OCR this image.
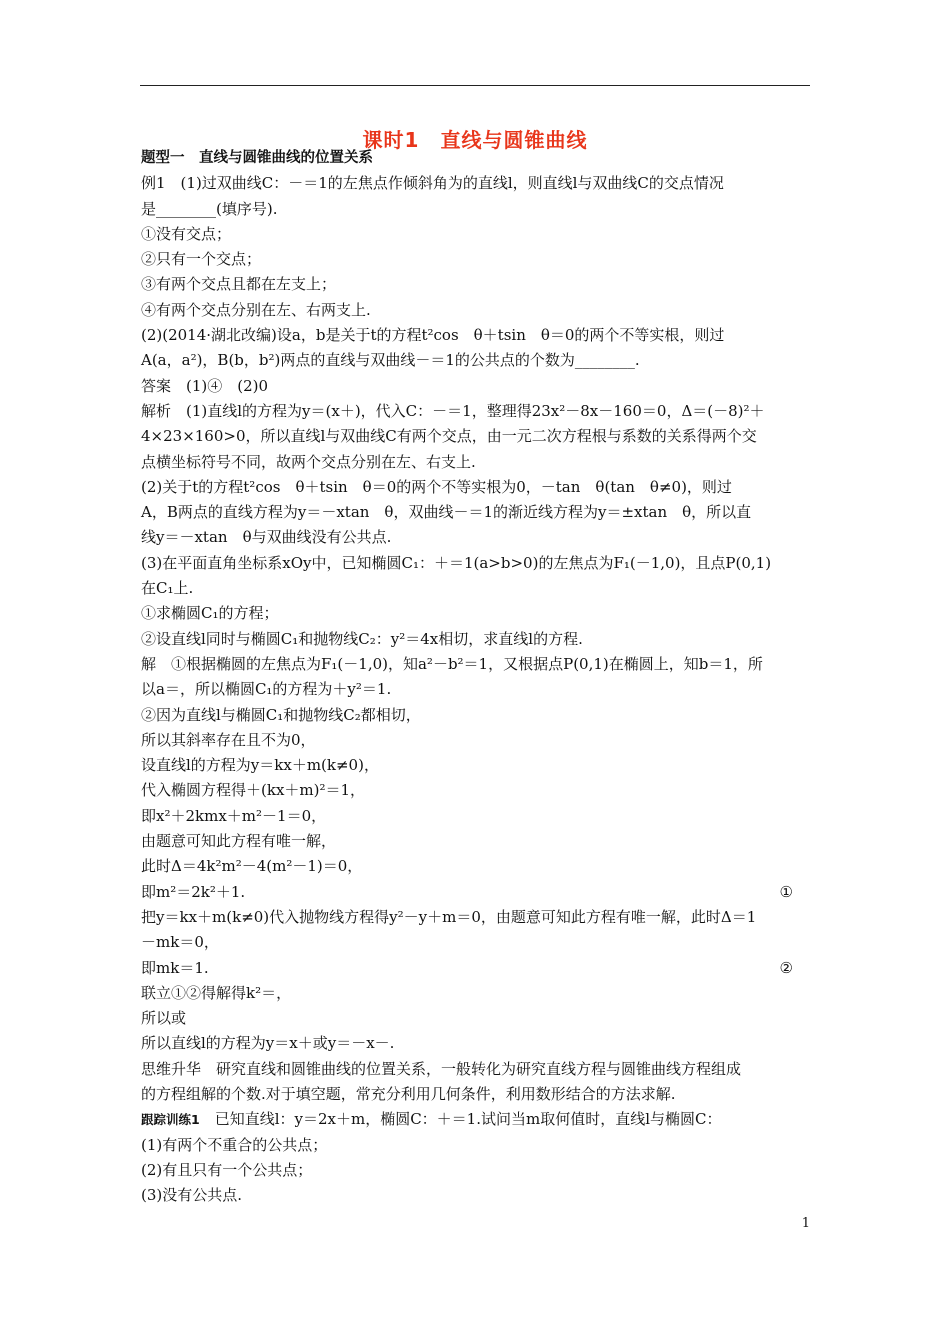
课时1　直线与圆锥曲线
题型一　直线与圆锥曲线的位置关系
例1　(1)过双曲线C：－＝1的左焦点作倾斜角为的直线l，则直线l与双曲线C的交点情况
是________(填序号).
①没有交点；
②只有一个交点；
③有两个交点且都在左支上；
④有两个交点分别在左、右两支上.
(2)(2014·湖北改编)设a，b是关于t的方程t²cos　θ＋tsin　θ＝0的两个不等实根，则过
A(a，a²)，B(b，b²)两点的直线与双曲线－＝1的公共点的个数为________.
答案　(1)④　(2)0
解析　(1)直线l的方程为y＝(x＋)，代入C：－＝1，整理得23x²－8x－160＝0，Δ＝(－8)²＋
4×23×160>0，所以直线l与双曲线C有两个交点，由一元二次方程根与系数的关系得两个交
点横坐标符号不同，故两个交点分别在左、右支上.
(2)关于t的方程t²cos　θ＋tsin　θ＝0的两个不等实根为0，－tan　θ(tan　θ≠0)，则过
A，B两点的直线方程为y＝－xtan　θ，双曲线－＝1的渐近线方程为y＝±xtan　θ，所以直
线y＝－xtan　θ与双曲线没有公共点.
(3)在平面直角坐标系xOy中，已知椭圆C₁：＋＝1(a>b>0)的左焦点为F₁(－1,0)，且点P(0,1)
在C₁上.
①求椭圆C₁的方程；
②设直线l同时与椭圆C₁和抛物线C₂：y²＝4x相切，求直线l的方程.
解　①根据椭圆的左焦点为F₁(－1,0)，知a²－b²＝1，又根据点P(0,1)在椭圆上，知b＝1，所
以a＝，所以椭圆C₁的方程为＋y²＝1.
②因为直线l与椭圆C₁和抛物线C₂都相切，
所以其斜率存在且不为0，
设直线l的方程为y＝kx＋m(k≠0)，
代入椭圆方程得＋(kx＋m)²＝1，
即x²＋2kmx＋m²－1＝0，
由题意可知此方程有唯一解，
此时Δ＝4k²m²－4(m²－1)＝0，
即m²＝2k²＋1.	①
把y＝kx＋m(k≠0)代入抛物线方程得y²－y＋m＝0，由题意可知此方程有唯一解，此时Δ＝1
－mk＝0，
即mk＝1.	②
联立①②得解得k²＝，
所以或
所以直线l的方程为y＝x＋或y＝－x－.
思维升华　研究直线和圆锥曲线的位置关系，一般转化为研究直线方程与圆锥曲线方程组成
的方程组解的个数.对于填空题，常充分利用几何条件，利用数形结合的方法求解.
跟踪训练1　已知直线l：y＝2x＋m，椭圆C：＋＝1.试问当m取何值时，直线l与椭圆C：
(1)有两个不重合的公共点；
(2)有且只有一个公共点；
(3)没有公共点.
1
